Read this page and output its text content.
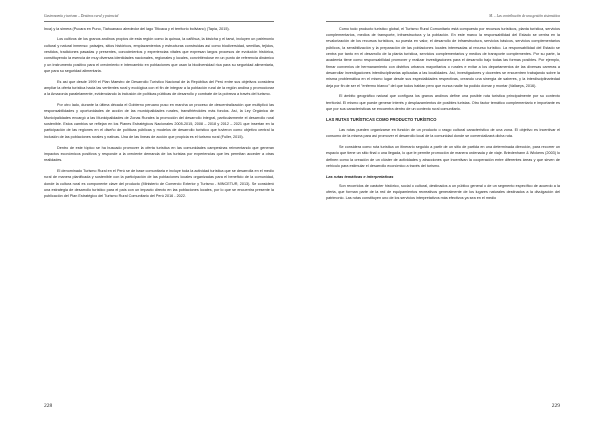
Gastronomía y turismo – Destinos rural y potencial

Inca) y la simera (Pucara en Puno, Tiahuanaco alrededor del lago Titicaca y el territorio boliviano) (Tapia, 2015).

Los cultivos de los granos andinos propios de esta región como la quinua, la cañihua, la kiwicha y el tarwi, incluyen un patrimonio cultural y natural inmenso: paisajes, sitios históricos, emplazamientos y estructuras construidas así como biodiversidad, semillas, tejidos, vestidos, tradiciones pasadas y presentes, conocimientos y experiencias vitales que expresan largos procesos de evolución histórica, constituyendo la esencia de muy diversas identidades nacionales, regionales y locales, convirtiéndose en un punto de referencia dinámico y un instrumento positivo para el crecimiento e intercambio en poblaciones que usan la biodiversidad rica para su seguridad alimentaria, que para su seguridad alimentaria.

Es así que desde 1999 el Plan Maestro de Desarrollo Turístico Nacional de la República del Perú entre sus objetivos considera ampliar la oferta turística hacia las vertientes rural y ecológica con el fin de integrar a la población rural de la región andina y promocionar a la Amazonía paralelamente, evidenciando la inclusión de políticas públicas de desarrollo y combate de la pobreza a través del turismo.

Por otro lado, durante la última década el Gobierno peruano puso en marcha un proceso de descentralización que multiplicó las responsabilidades y oportunidades de acción de las municipalidades rurales, transfiriéndoles más fondos. Así, la Ley Orgánica de Municipalidades encargó a las Municipalidades de Zonas Rurales la promoción del desarrollo integral, particularmente el desarrollo rural sostenible. Estos cambios se reflejan en los Planes Estratégicos Nacionales 2005-2015, 2008 – 2018 y 2012 – 2021 que insertan en la participación de las regiones en el diseño de políticas públicas y modelos de desarrollo turístico que tuvieron como objetivo central la inclusión de las poblaciones rurales y nativas. Una de las líneas de acción que propicia es el turismo rural (Fuller, 2015).

Dentro de este tópico se ha buscado promover la oferta turística en las comunidades campesinas reinventando que generan impactos económicos positivos y responde a la creciente demanda de los turistas por experiencias que les permitan acceder a otras realidades.

El denominado Turismo Rural en el Perú se de base comunitaria e incluye toda la actividad turística que se desarrolla en el medio rural de manera planificada y sostenible con la participación de las poblaciones locales organizadas para el beneficio de la comunidad, donde la cultura rural es componente clave del producto (Ministerio de Comercio Exterior y Turismo - MINCETUR, 2013). Se consideró una estrategia de desarrollo turístico para el país con un impacto directo en las poblaciones locales, por lo que se encuentra presente la publicación del Plan Estratégico del Turismo Rural Comunitario del Perú 2016 - 2022.

228
M. – Las contribución de una gestión sistemática

Como todo producto turístico global, el Turismo Rural Comunitario está compuesto por recursos turísticos, planta turística, servicios complementarios, medios de transporte, infraestructura y la población. En este marco la responsabilidad del Estado se centra en la revalorización de los recursos turísticos, su puesta en valor, el desarrollo de infraestructura, servicios básicos, servicios complementarios públicos, la sensibilización y la preparación de las poblaciones locales interesadas al recurso turístico. La responsabilidad del Estado se centra por tanto en el desarrollo de la planta turística, servicios complementarios y medios de transporte complementes. Por su parte, la academia tiene como responsabilidad promover y realizar investigaciones para el desarrollo bajo todas las formas posibles. Por ejemplo, firmar convenios de hermanamiento con distritos urbanos mayoritarios o rurales e evitar a los departamentos de las diversas carreras a desarrollar investigaciones interdisciplinarias aplicadas a las localidades. Así, investigadores y docentes se encuentren trabajando sobre la misma problemática en el mismo lugar desde sus especialidades respectivas, creando una sinergia de saberes, y la interdisciplinariedad deja por fin de ser el "enfermo blanco" del que todos hablan pero que nunca nadie ha podido domar y montar (Vallaeys, 2016).

El ámbito geográfico natural que configura los granos andinos define una posible ruta turística principalmente por su contexto territorial. El mismo que puede generar interés y desplazamientos de posibles turistas. Otro factor temático complementario e importante es que por sus características se encuentra dentro de un contexto rural comunitario.

LAS RUTAS TURÍSTICAS COMO PRODUCTO TURÍSTICO

Las rutas pueden organizarse en función de un producto o rasgo cultural característico de una zona. El objetivo es incentivar el consumo de la misma para así promover el desarrollo local de la comunidad donde se comercializará dicha ruta.

Se considera como ruta turística un itinerario seguido a partir de un sitio de partida en una determinada dirección, para recorrer un espacio que tiene un sitio final o una llegada, lo que le permite promoción de manera ordenada y de viaje. Briedenhann & Wickens (2003) lo definen como la creación de un clúster de actividades y atracciones que incentivan la cooperación entre diferentes áreas y que sirven de vehículo para estimular el desarrollo económico a través del turismo.

Las rutas temáticas e interpretativas

Son recorridos de carácter histórico, social o cultural, destinados a un público general o de un segmento específico de acuerdo a la oferta, que forman parte de la red de equipamientos recreativos generalmente de los lugares naturales destinados a la divulgación del patrimonio. Las rutas constituyen uno de los servicios interpretativos más efectivos ya sea en el medio

229
